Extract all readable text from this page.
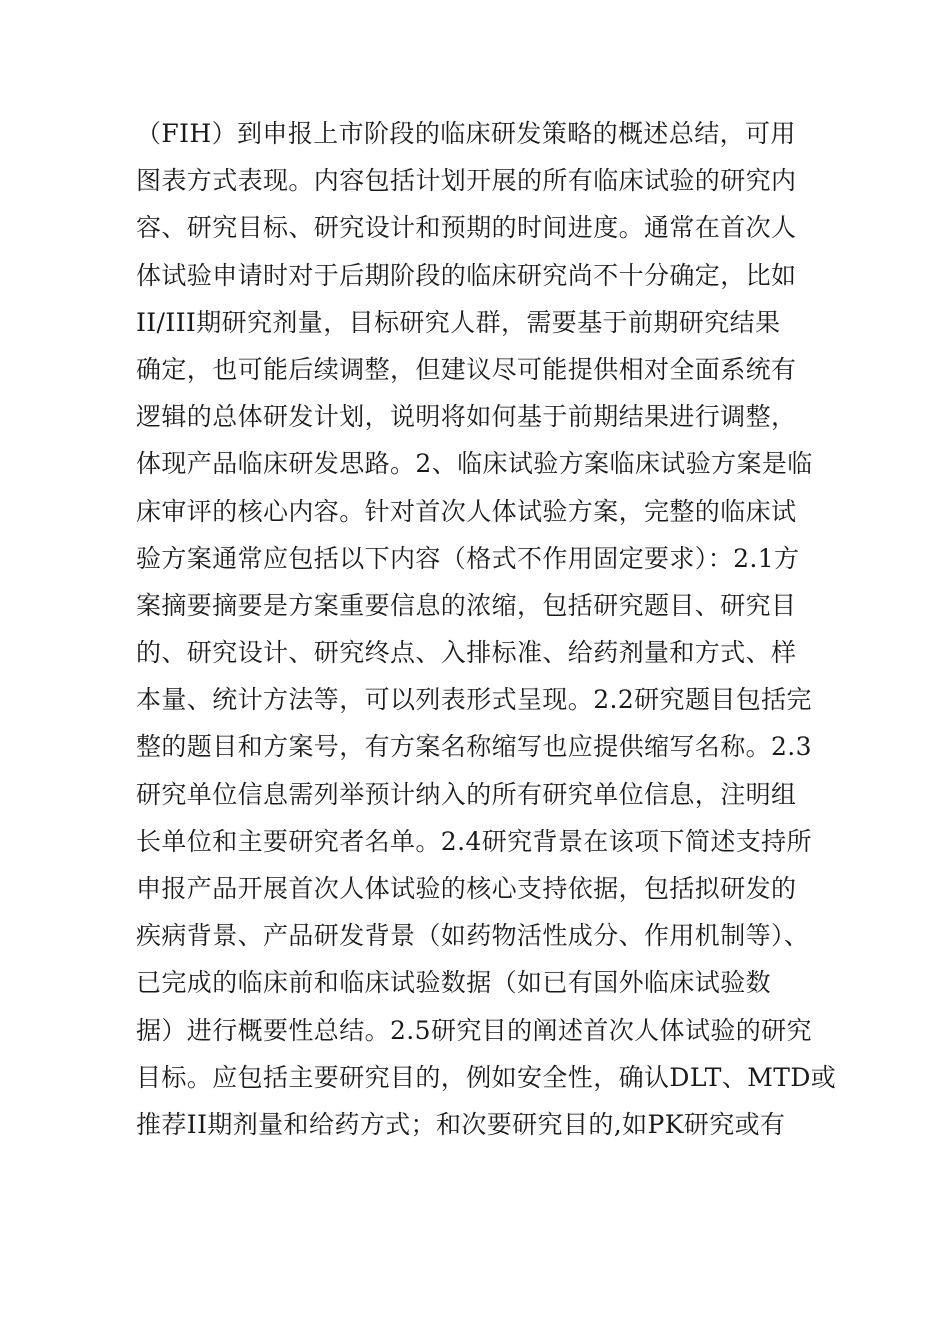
（FIH）到申报上市阶段的临床研发策略的概述总结，可用
图表方式表现。内容包括计划开展的所有临床试验的研究内
容、研究目标、研究设计和预期的时间进度。通常在首次人
体试验申请时对于后期阶段的临床研究尚不十分确定，比如
II/III期研究剂量，目标研究人群，需要基于前期研究结果
确定，也可能后续调整，但建议尽可能提供相对全面系统有
逻辑的总体研发计划，说明将如何基于前期结果进行调整，
体现产品临床研发思路。2、临床试验方案临床试验方案是临
床审评的核心内容。针对首次人体试验方案，完整的临床试
验方案通常应包括以下内容（格式不作用固定要求）：2.1方
案摘要摘要是方案重要信息的浓缩，包括研究题目、研究目
的、研究设计、研究终点、入排标准、给药剂量和方式、样
本量、统计方法等，可以列表形式呈现。2.2研究题目包括完
整的题目和方案号，有方案名称缩写也应提供缩写名称。2.3
研究单位信息需列举预计纳入的所有研究单位信息，注明组
长单位和主要研究者名单。2.4研究背景在该项下简述支持所
申报产品开展首次人体试验的核心支持依据，包括拟研发的
疾病背景、产品研发背景（如药物活性成分、作用机制等）、
已完成的临床前和临床试验数据（如已有国外临床试验数
据）进行概要性总结。2.5研究目的阐述首次人体试验的研究
目标。应包括主要研究目的，例如安全性，确认DLT、MTD或
推荐II期剂量和给药方式；和次要研究目的,如PK研究或有
